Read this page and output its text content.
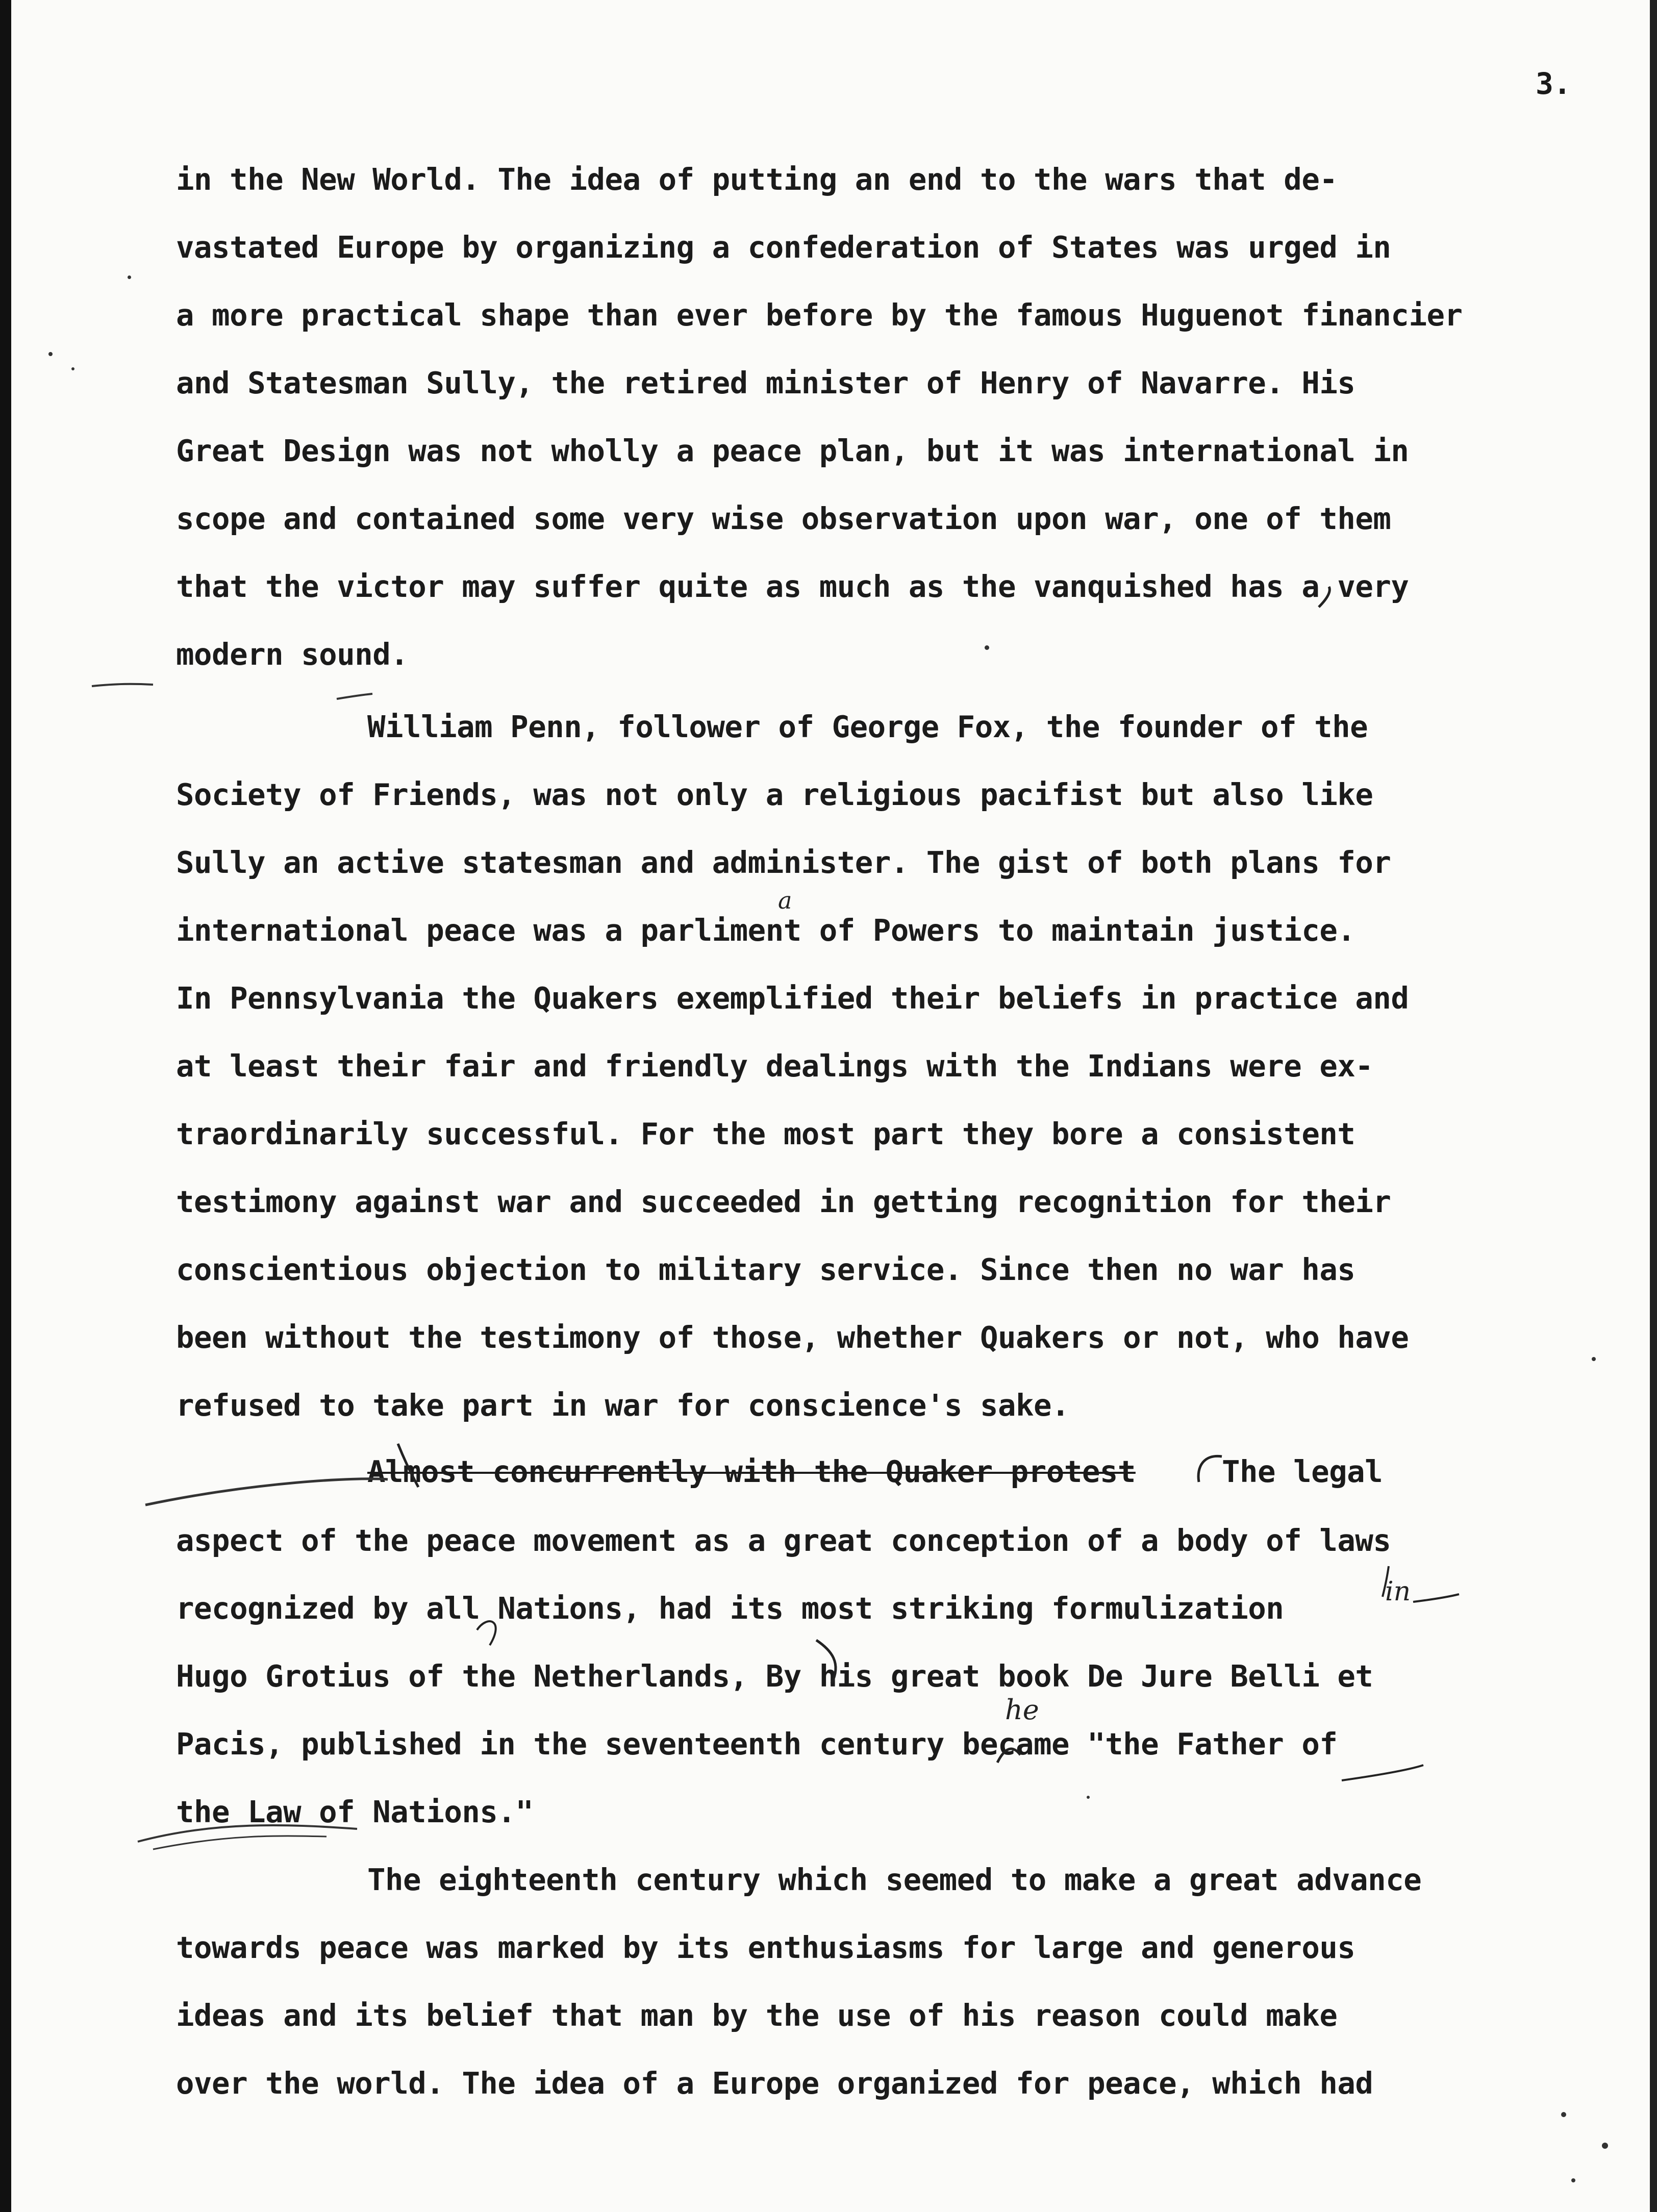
3.
in the New World. The idea of putting an end to the wars that de-
vastated Europe by organizing a confederation of States was urged in
a more practical shape than ever before by the famous Huguenot financier
and Statesman Sully, the retired minister of Henry of Navarre. His
Great Design was not wholly a peace plan, but it was international in
scope and contained some very wise observation upon war, one of them
that the victor may suffer quite as much as the vanquished has a very
modern sound.
William Penn, follower of George Fox, the founder of the
Society of Friends, was not only a religious pacifist but also like
Sully an active statesman and administer. The gist of both plans for
international peace was a parliment of Powers to maintain justice.
In Pennsylvania the Quakers exemplified their beliefs in practice and
at least their fair and friendly dealings with the Indians were ex-
traordinarily successful. For the most part they bore a consistent
testimony against war and succeeded in getting recognition for their
conscientious objection to military service. Since then no war has
been without the testimony of those, whether Quakers or not, who have
refused to take part in war for conscience's sake.
Almost concurrently with the Quaker protest	The legal
aspect of the peace movement as a great conception of a body of laws
recognized by all Nations, had its most striking formulization
Hugo Grotius of the Netherlands, By his great book De Jure Belli et
Pacis, published in the seventeenth century became "the Father of
the Law of Nations."
The eighteenth century which seemed to make a great advance
towards peace was marked by its enthusiasms for large and generous
ideas and its belief that man by the use of his reason could make
over the world. The idea of a Europe organized for peace, which had
a
he
in
